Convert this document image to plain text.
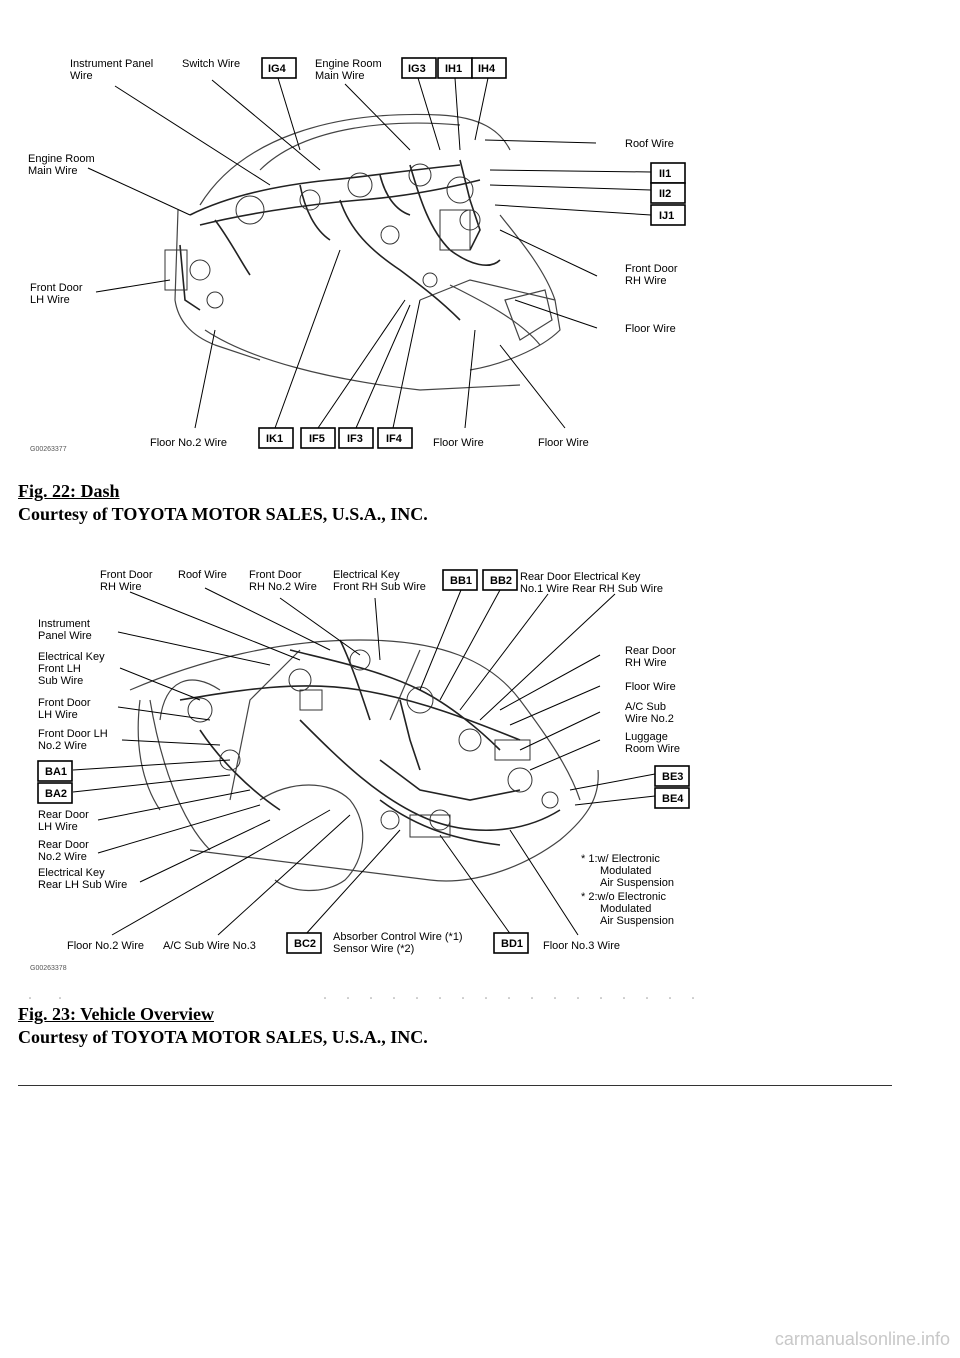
Instrument Panel
Wire
Switch Wire	Engine Room
Main Wire
Engine Room
Main Wire
Roof Wire
Front Door
LH Wire
Front Door
RH Wire
Floor Wire
Floor No.2 Wire	Floor Wire	Floor Wire
G00263377
IG4	IG3 IH1 IH4
II1
II2
IJ1
IK1 IF5 IF3 IF4
Fig. 22: Dash
Courtesy of TOYOTA MOTOR SALES, U.S.A., INC.
Front Door
RH Wire
Roof Wire Front Door
RH No.2 Wire
Electrical Key
Front RH Sub Wire
Rear Door Electrical Key
No.1 Wire Rear RH Sub Wire
Instrument
Panel Wire
Electrical Key
Front LH
Sub Wire
Front Door
LH Wire
Front Door LH
No.2 Wire
Rear Door
RH Wire
Floor Wire
A/C Sub
Wire No.2
Luggage
Room Wire
Rear Door
LH Wire
Rear Door
No.2 Wire
Electrical Key
Rear LH Sub Wire
* 1:w/ Electronic
Modulated
Air Suspension
* 2:w/o Electronic
Modulated
Air Suspension
Floor No.2 Wire A/C Sub Wire No.3
Absorber Control Wire (*1)
Sensor Wire (*2)	Floor No.3 Wire
G00263378
BB1 BB2
BA1
BA2
BE3
BE4
BC2	BD1
Fig. 23: Vehicle Overview
Courtesy of TOYOTA MOTOR SALES, U.S.A., INC.
carmanualsonline.info
